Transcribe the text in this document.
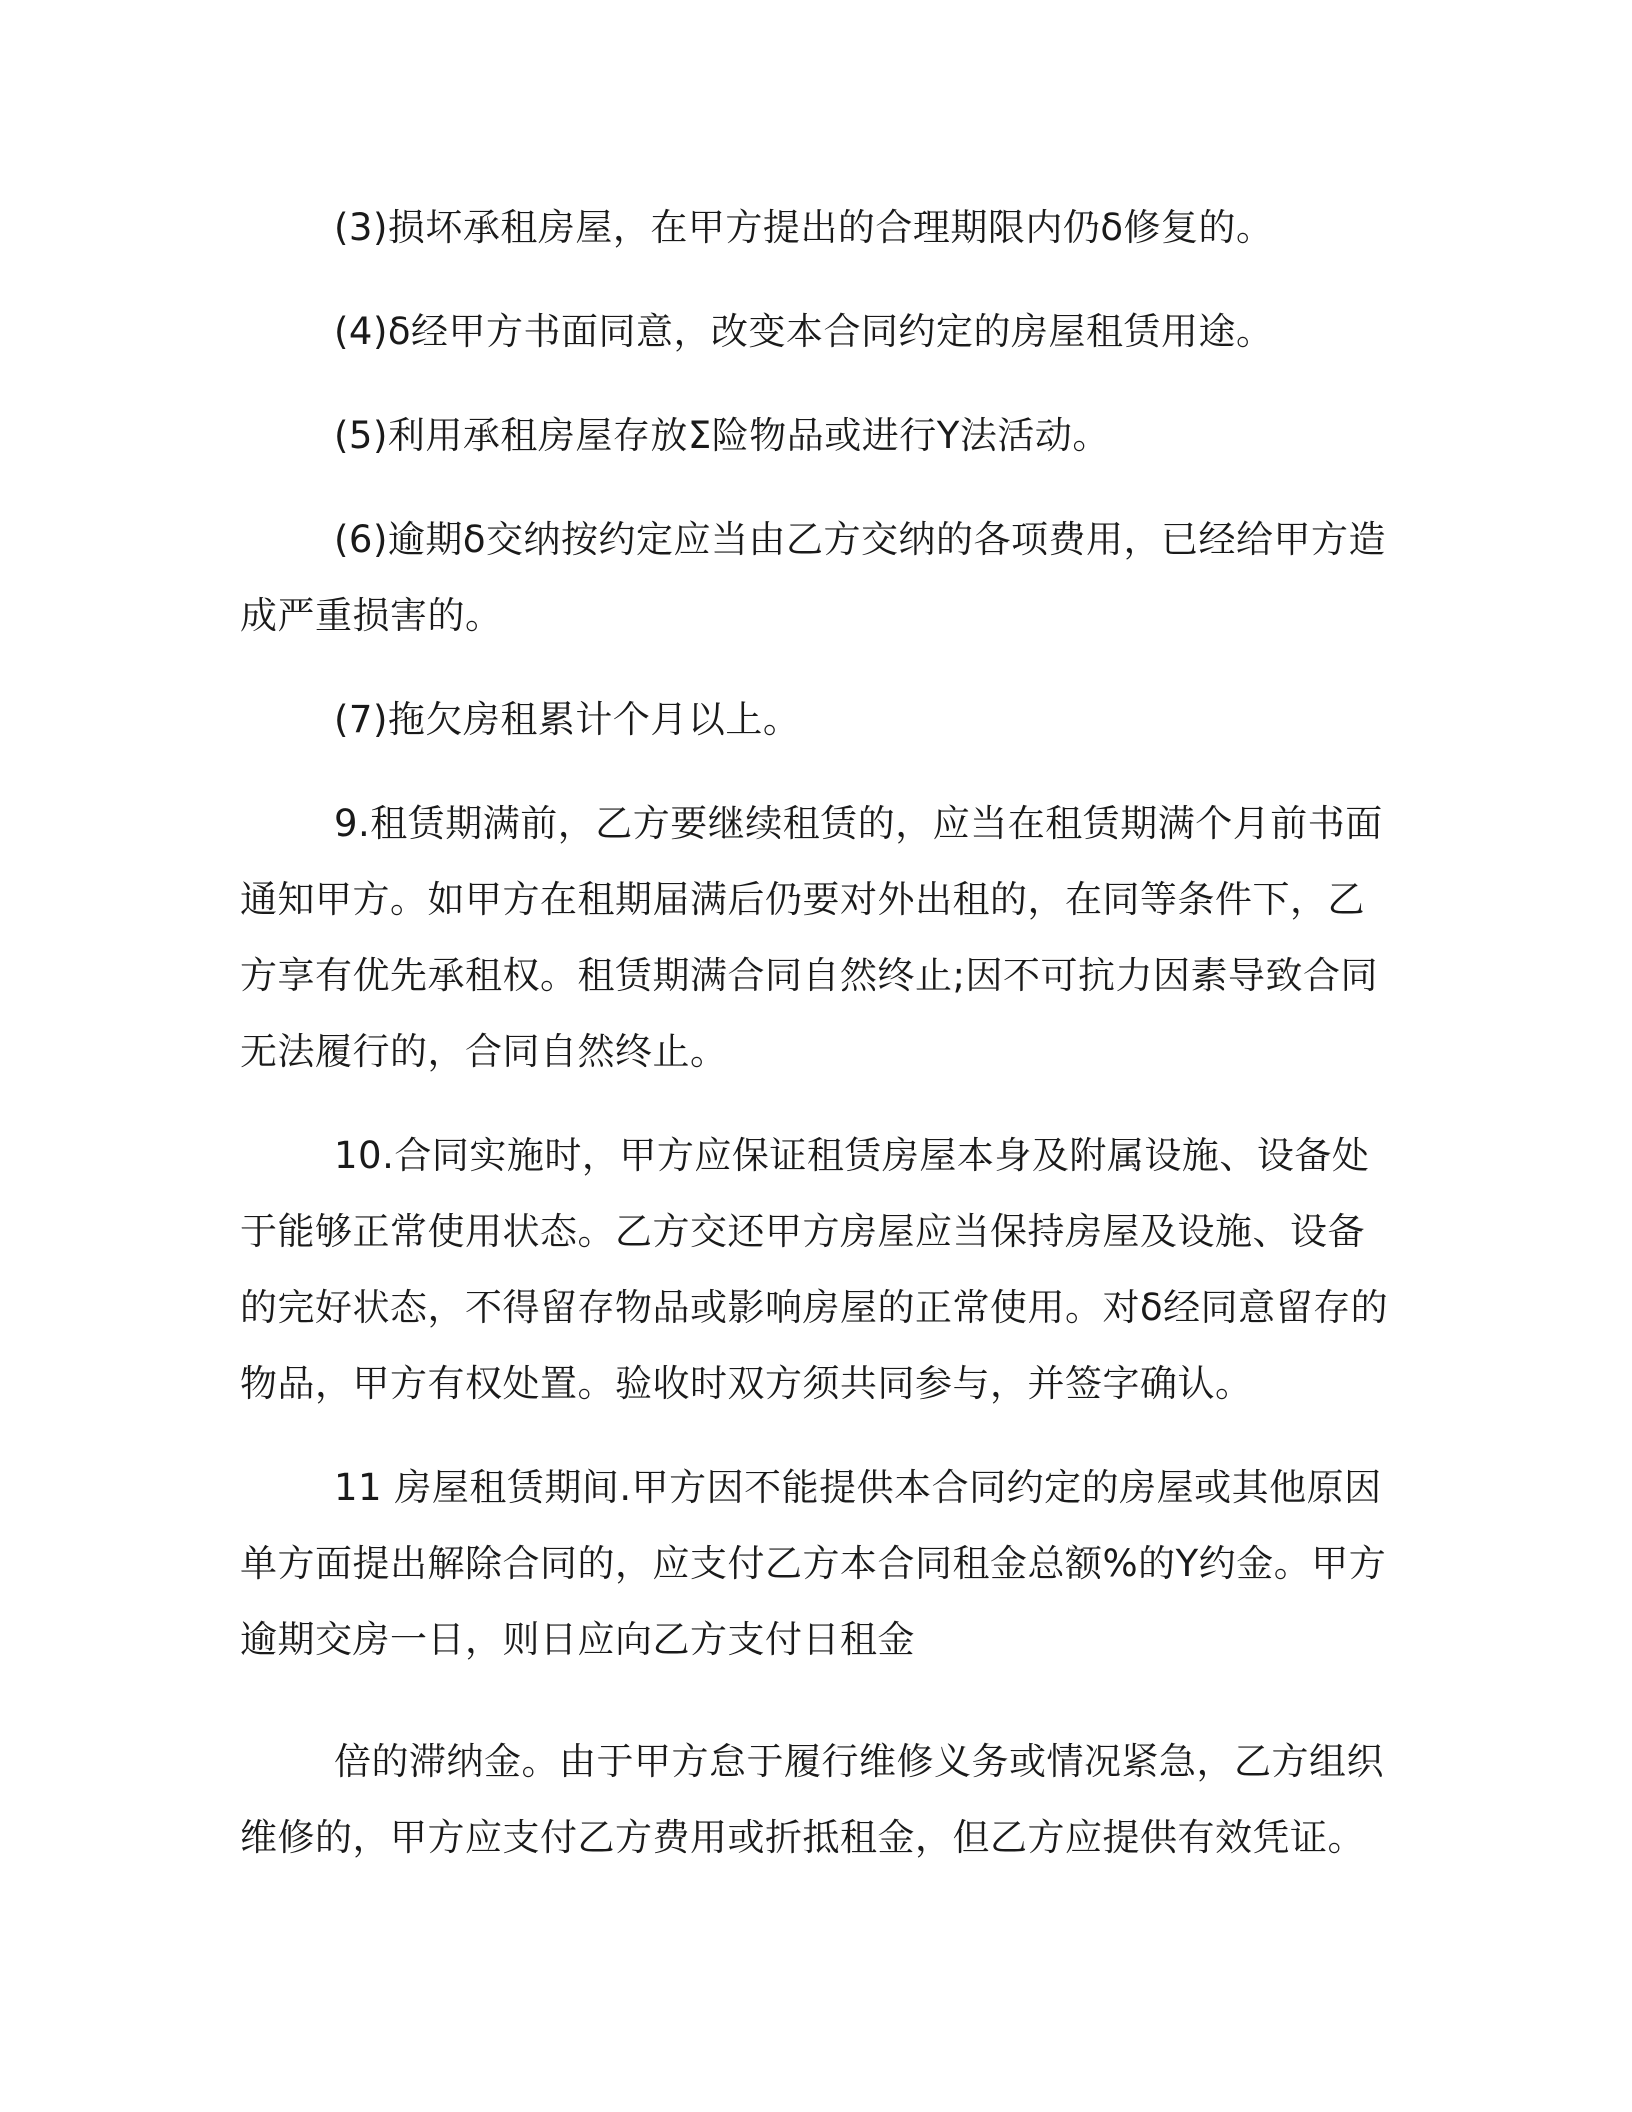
(3)损坏承租房屋，在甲方提出的合理期限内仍δ修复的。

(4)δ经甲方书面同意，改变本合同约定的房屋租赁用途。

(5)利用承租房屋存放Σ险物品或进行Y法活动。

(6)逾期δ交纳按约定应当由乙方交纳的各项费用，已经给甲方造
成严重损害的。

(7)拖欠房租累计个月以上。

9.租赁期满前，乙方要继续租赁的，应当在租赁期满个月前书面
通知甲方。如甲方在租期届满后仍要对外出租的，在同等条件下，乙
方享有优先承租权。租赁期满合同自然终止;因不可抗力因素导致合同
无法履行的，合同自然终止。

10.合同实施时，甲方应保证租赁房屋本身及附属设施、设备处
于能够正常使用状态。乙方交还甲方房屋应当保持房屋及设施、设备
的完好状态，不得留存物品或影响房屋的正常使用。对δ经同意留存的
物品，甲方有权处置。验收时双方须共同参与，并签字确认。

11 房屋租赁期间.甲方因不能提供本合同约定的房屋或其他原因
单方面提出解除合同的，应支付乙方本合同租金总额%的Y约金。甲方
逾期交房一日，则日应向乙方支付日租金

倍的滞纳金。由于甲方怠于履行维修义务或情况紧急，乙方组织
维修的，甲方应支付乙方费用或折抵租金，但乙方应提供有效凭证。
